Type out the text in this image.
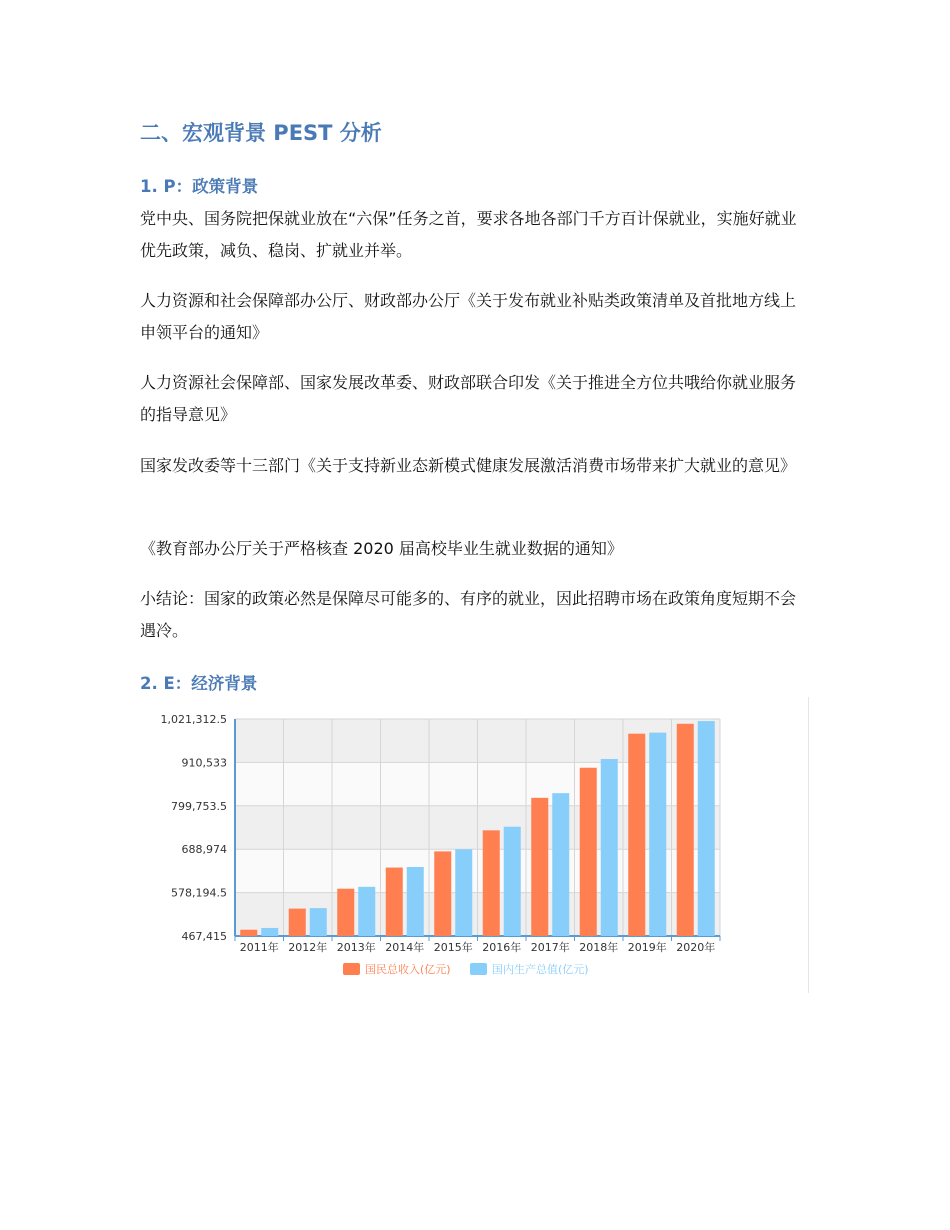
二、宏观背景 PEST 分析
1. P：政策背景

党中央、国务院把保就业放在“六保”任务之首，要求各地各部门千方百计保就业，实施好就业优先政策，减负、稳岗、扩就业并举。

人力资源和社会保障部办公厅、财政部办公厅《关于发布就业补贴类政策清单及首批地方线上申领平台的通知》

人力资源社会保障部、国家发展改革委、财政部联合印发《关于推进全方位共哦给你就业服务的指导意见》

国家发改委等十三部门《关于支持新业态新模式健康发展激活消费市场带来扩大就业的意见》

《教育部办公厅关于严格核查 2020 届高校毕业生就业数据的通知》

小结论：国家的政策必然是保障尽可能多的、有序的就业，因此招聘市场在政策角度短期不会遇冷。

2. E：经济背景
1,021,312.5
910,533
799,753.5
688,974
578,194.5
467,415
2011年 2012年 2013年 2014年 2015年 2016年 2017年 2018年 2019年 2020年
国民总收入(亿元)	国内生产总值(亿元)
